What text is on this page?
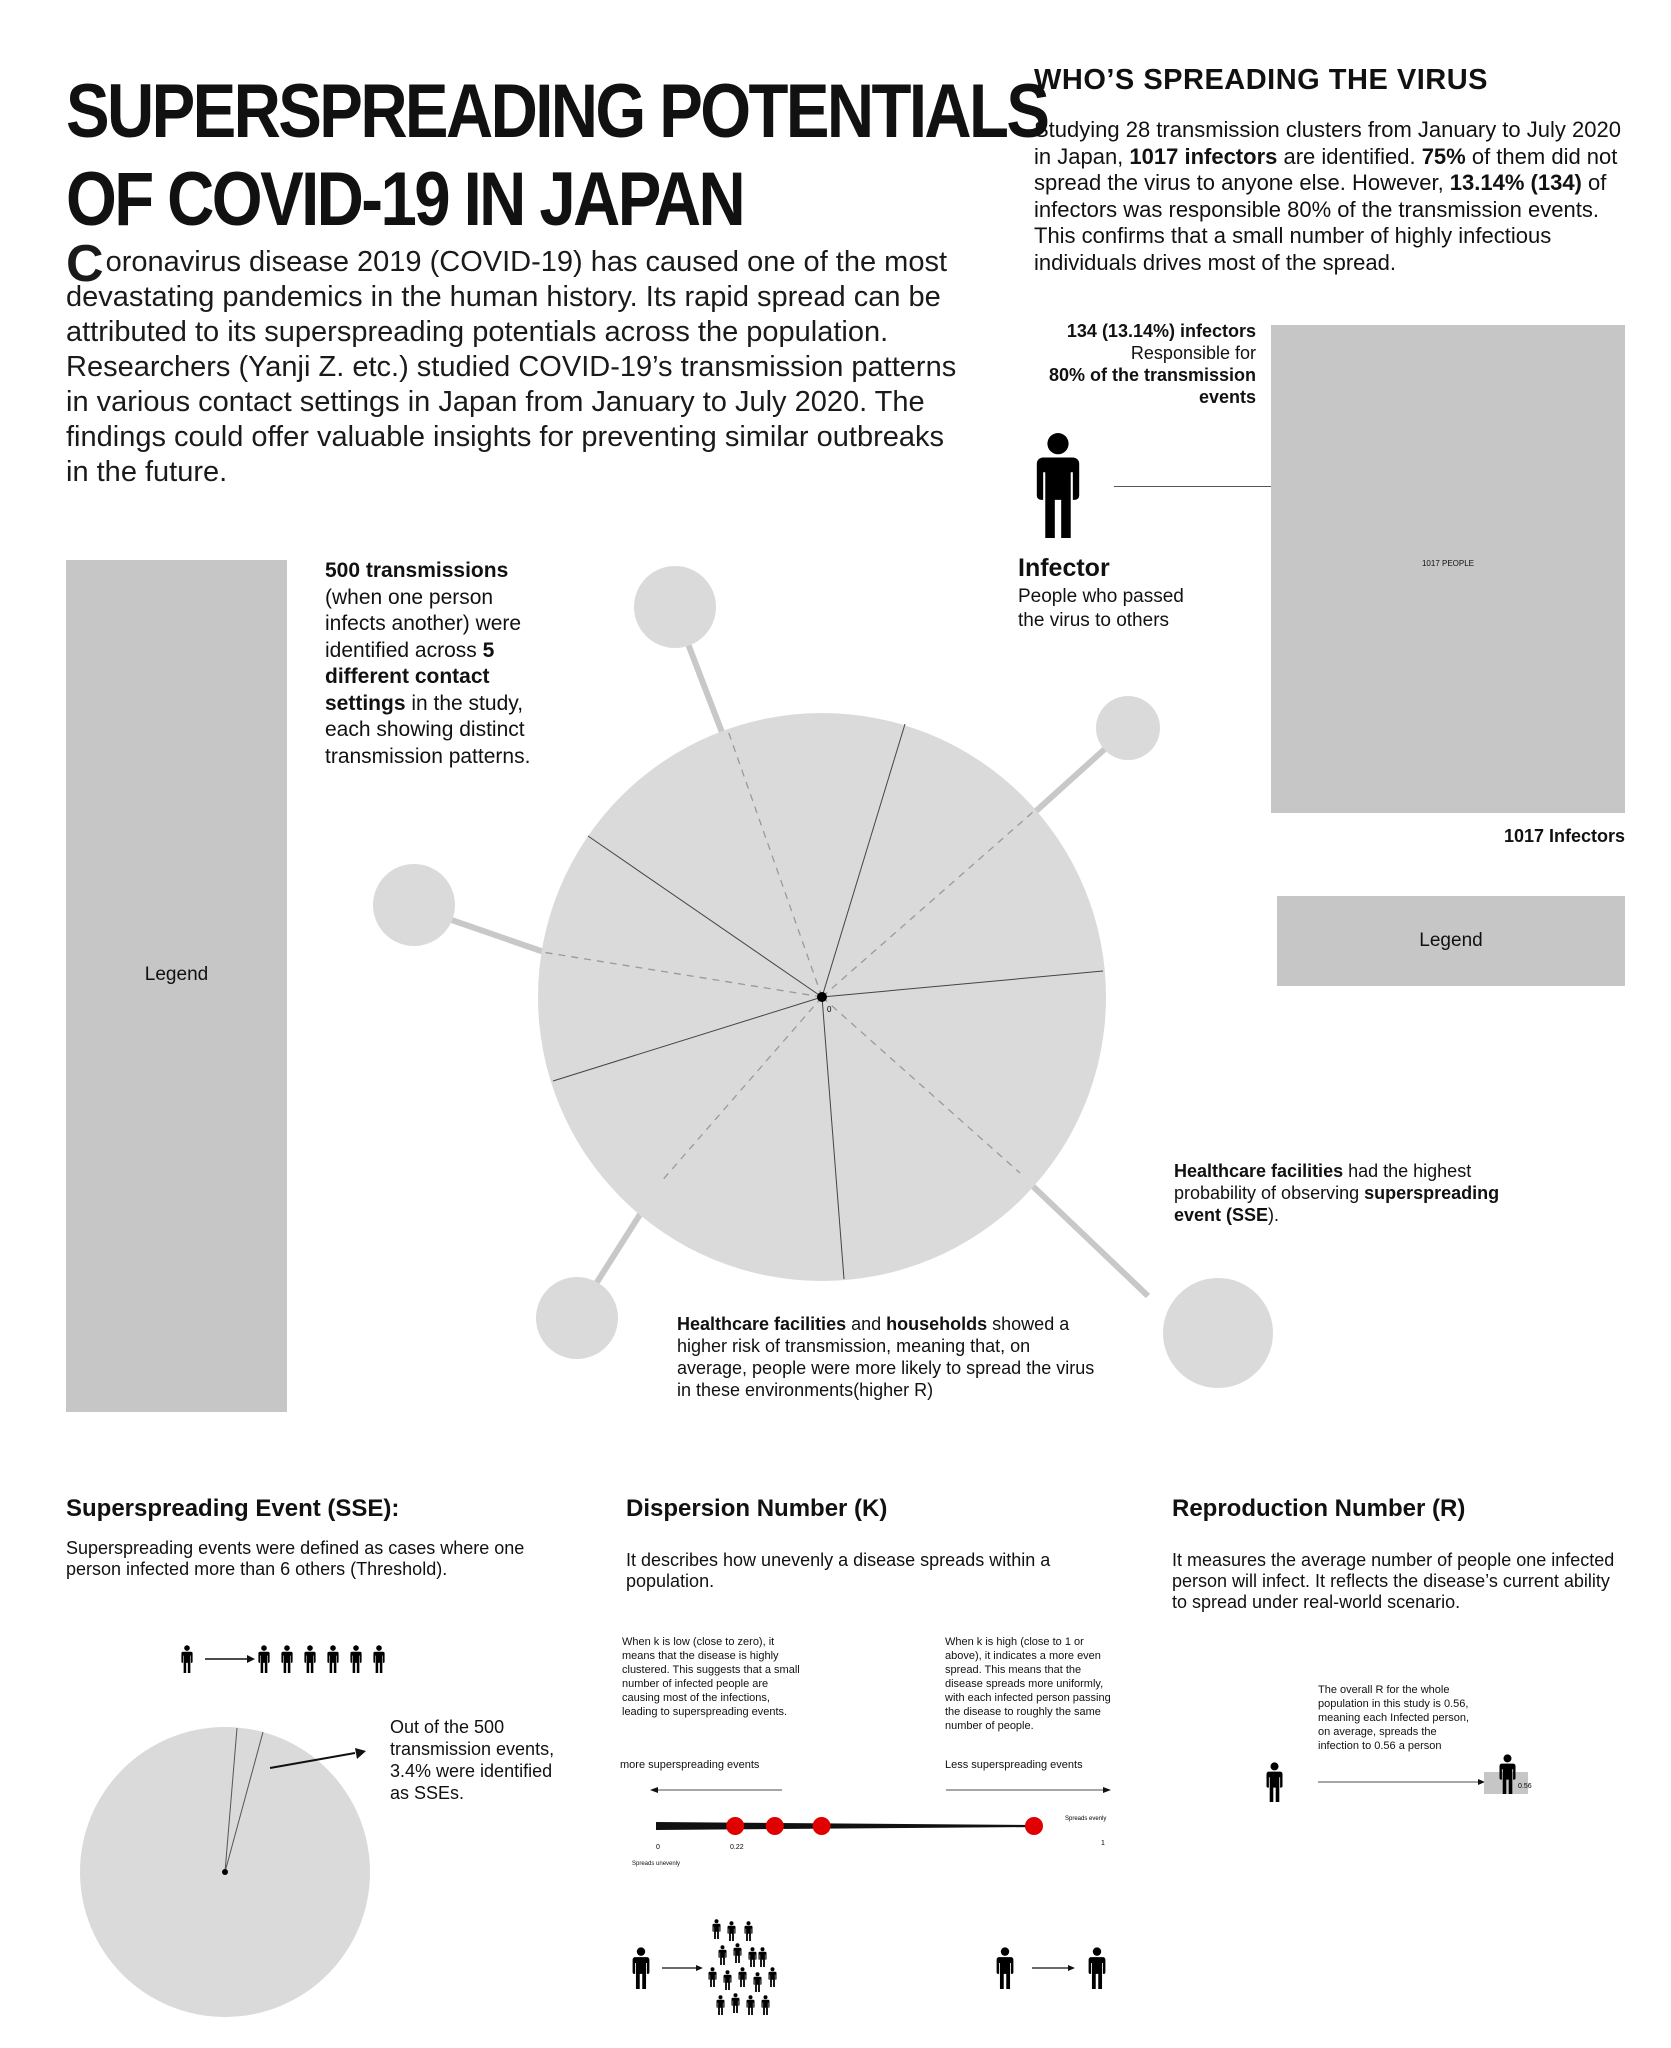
SUPERSPREADING POTENTIALS
OF COVID-19 IN JAPAN
Coronavirus disease 2019 (COVID-19) has caused one of the most devastating pandemics in the human history. Its rapid spread can be attributed to its superspreading potentials across the population. Researchers (Yanji Z. etc.) studied COVID-19’s transmission patterns in various contact settings in Japan from January to July 2020. The findings could offer valuable insights for preventing similar outbreaks in the future.
WHO’S SPREADING THE VIRUS
Studying 28 transmission clusters from January to July 2020 in Japan, 1017 infectors are identified. 75% of them did not spread the virus to anyone else. However, 13.14% (134) of infectors was responsible 80% of the transmission events. This confirms that a small number of highly infectious individuals drives most of the spread.
134 (13.14%) infectors
Responsible for
80% of the transmission events
Infector
People who passed the virus to others
1017 PEOPLE
1017 Infectors
Legend
Legend
500 transmissions (when one person infects another) were identified across 5 different contact settings in the study, each showing distinct transmission patterns.
0
Healthcare facilities had the highest probability of observing superspreading event (SSE).
Healthcare facilities and households showed a higher risk of transmission, meaning that, on average, people were more likely to spread the virus in these environments(higher R)
Superspreading Event (SSE):
Superspreading events were defined as cases where one person infected more than 6 others (Threshold).
Out of the 500 transmission events, 3.4% were identified as SSEs.
Dispersion Number (K)
It describes how unevenly a disease spreads within a population.
When k is low (close to zero), it means that the disease is highly clustered. This suggests that a small number of infected people are causing most of the infections, leading to superspreading events.
When k is high (close to 1 or above), it indicates a more even spread. This means that the disease spreads more uniformly, with each infected person passing the disease to roughly the same number of people.
more superspreading events	Less superspreading events
0	0.22
1
Spreads evenly
Spreads unevenly
Reproduction Number (R)
It measures the average number of people one infected person will infect. It reflects the disease’s current ability to spread under real-world scenario.
The overall R for the whole population in this study is 0.56, meaning each Infected person, on average, spreads the infection to 0.56 a person
0.56
